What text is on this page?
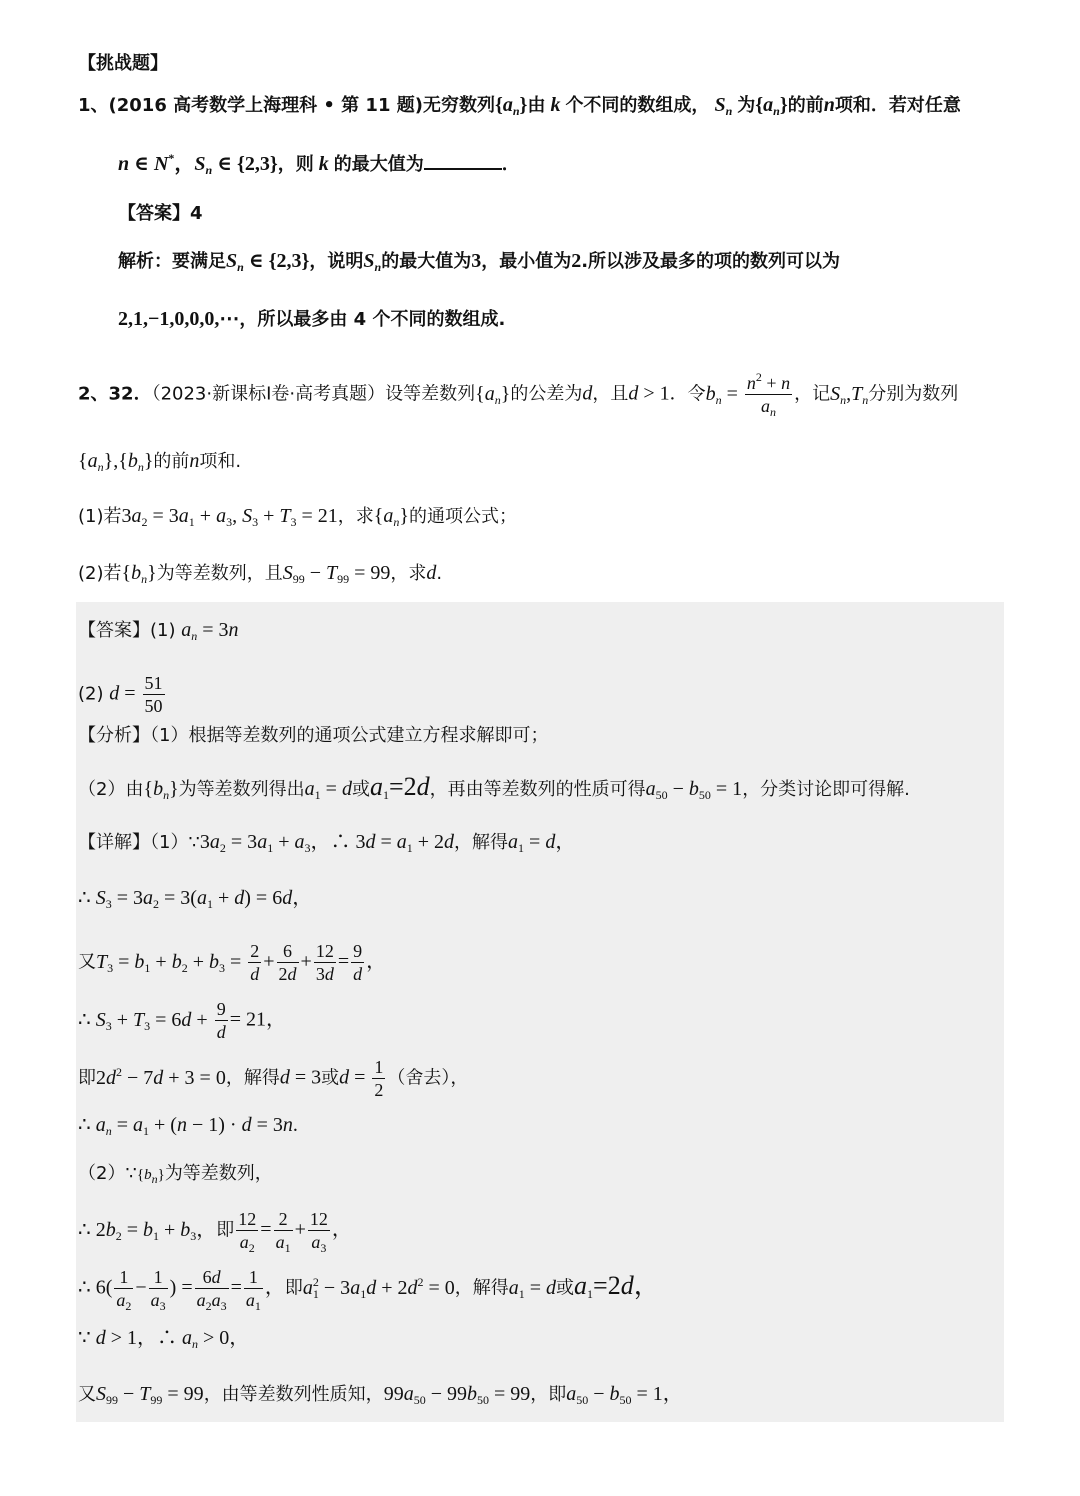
【挑战题】
1、(2016 高考数学上海理科 • 第 11 题)无穷数列$\{a_n\}$由 k 个不同的数组成， $S_n$ 为$\{a_n\}$的前n项和．若对任意
n ∈ N*，$S_n$ ∈ {2,3}，则 k 的最大值为	．
【答案】4
解析：要满足$S_n$ ∈ {2,3}，说明$S_n$的最大值为3，最小值为2.所以涉及最多的项的数列可以为
2,1,−1,0,0,0,⋯，所以最多由 4 个不同的数组成.
2、32．（2023·新课标Ⅰ卷·高考真题）设等差数列$\{a_n\}$的公差为d，且d > 1．令$b_n = \frac{n^2 + n}{a_n}$ ，记$S_n,T_n$分别为数列
$\{a_n\},\{b_n\}$的前n项和.
(1)若$3a_2 = 3a_1 + a_3$, $S_3 + T_3 = 21$，求$\{a_n\}$的通项公式；
(2)若$\{b_n\}$为等差数列，且$S_{99} - T_{99} = 99$，求d.
【答案】(1) $a_n = 3n$
(2) $d = \frac{51}{50}$
【分析】（1）根据等差数列的通项公式建立方程求解即可；
（2）由$\{b_n\}$为等差数列得出$a_1 = d$或$a_1=2d$，再由等差数列的性质可得$a_{50} - b_{50} = 1$，分类讨论即可得解.
【详解】$(1)\because 3a_2 = 3a_1 + a_3$，∴ $3d = a_1 + 2d$，解得$a_1 = d$，
∴ $S_3 = 3a_2 = 3(a_1 + d) = 6d$，
又$T_3 = b_1 + b_2 + b_3 = \frac{2}{d} + \frac{6}{2d} + \frac{12}{3d} = \frac{9}{d}$ ，
∴ $S_3 + T_3 = 6d + \frac{9}{d} = 21$，
即$2d^2 - 7d + 3 = 0$，解得d = 3或$d = \frac{1}{2}$ （舍去），
∴ $a_n = a_1 + (n - 1) \cdot d = 3n$.
$(2)\because\{b_n\}$为等差数列，
∴ $2b_2 = b_1 + b_3$，即 $\frac{12}{a_2} = \frac{2}{a_1} + \frac{12}{a_3}$ ，
∴ $6( \frac{1}{a_2} - \frac{1}{a_3}$ ) = $\frac{6d}{a_2a_3} = \frac{1}{a_1}$ ，即$a_1^2 - 3a_1d + 2d^2 = 0$，解得$a_1 = d$或$a_1=2d$，
∵ d > 1，∴ $a_n > 0$，
又$S_{99} - T_{99} = 99$，由等差数列性质知，$99a_{50} - 99b_{50} = 99$，即$a_{50} - b_{50} = 1$，
